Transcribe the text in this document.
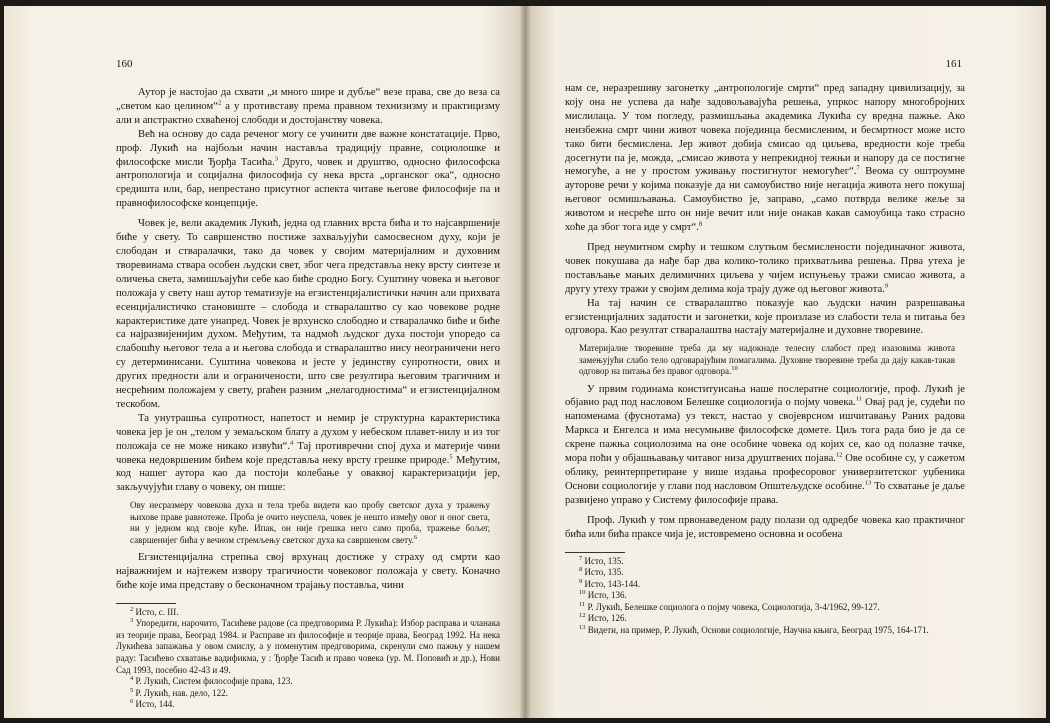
160

Аутор је настојао да схвати „и много шире и дубље“ везе права, све до веза са „светом као целином“$^2$ а у противставу према правном технизизму и практицизму али и апстрактно схваћеној слободи и достојанству човека.

Већ на основу до сада реченог могу се учинити две важне констатације. Прво, проф. Лукић на најбољи начин наставља традицију правне, социолошке и философске мисли Ђорђа Тасића.$^3$ Друго, човек и друштво, односно философска антропологија и социјална философија су нека врста „органског ока“, односно средишта или, бар, непрестано присутног аспекта читаве његове философије па и правнофилософске концепције.

Човек је, вели академик Лукић, једна од главних врста бића и то најсавршеније биће у свету. То савршенство постиже захваљујући самосвесном духу, који је слободан и стваралачки, тако да човек у својим материјалним и духовним творевинама ствара особен људски свет, због чега представља неку врсту синтезе и оличења света, замишљајући себе као биће сродно Богу. Суштину човека и његовог положаја у свету наш аутор тематизује на егзистенцијалистички начин али прихвата есенцијалистичко становиште – слобода и стваралаштво су као човекове родне карактеристике дате унапред. Човек је врхунско слободно и стваралачко биће и биће са најразвијенијим духом. Међутим, та надмоћ људског духа постоји упоредо са слабошћу његовог тела а и његова слобода и стваралаштво нису неограничени него су детерминисани. Суштина човекова и јесте у јединству супротности, ових и других предности али и ограничености, што све резултира његовим трагичним и несрећним положајем у свету, praћен разним „нелагодностима“ и егзистенцијалном тескобом.

Та унутрашња супротност, напетост и немир је структурна карактеристика човека јер је он „телом у земаљском блату а духом у небеском плавет-нилу и из тог положаја се не може никако извући“.$^4$ Тај противречни спој духа и материје чини човека недовршеним бићем које представља неку врсту грешке природе.$^5$ Међутим, код нашег аутора као да постоји колебање у оваквој карактеризацији јер, закључујући главу о човеку, он пише:

Ову несразмеру човекова духа и тела треба видети као пробу светског духа у тражењу њихове праве равнотеже. Проба је очито неуспела, човек је нешто између овог и оног света, ни у једном код своје куће. Ипак, он није грешка него само проба, тражење бољег, савршенијег бића у вечном стремљењу светског духа ка савршеном свету.$^6$

Егзистенцијална стрепња свој врхунац достиже у страху од смрти као најважнијем и најтежем извору трагичности човековог положаја у свету. Коначно биће које има представу о бесконачном трајању постављa, чини

$^2$ Исто, с. III.

$^3$ Упоредити, нарочито, Тасићеве радове (са предговорима Р. Лукића): Избор расправа и чланака из теорије права, Београд 1984. и Расправе из философије и теорије права, Београд 1992. На нека Лукићева запажања у овом смислу, а у поменутим предговорима, скренули смо пажњу у нашем раду: Тасићево схватање вадификма, у : Ђорђе Тасић и право човека (ур. М. Поповић и др.), Нови Сад 1993, посебно 42-43 и 49.

$^4$ Р. Лукић, Систем философије права, 123.

$^5$ Р. Лукић, нав. дело, 122.

$^6$ Исто, 144.

161

нам се, неразрешиву загонетку „антропологије смрти“ пред западну цивилизацију, за коју она не успева да нађе задовољавајућа решења, упркос напору многобројних мислилаца. У том погледу, размишљања академика Лукића су вредна пажње. Ако неизбежна смрт чини живот човека појединца бесмисленим, и бесмртност може исто тако бити бесмислена. Јер живот добија смисао од циљева, вредности које треба досегнути па је, можда, „смисао живота у непрекидној тежњи и напору да се постигне немогуће, а не у простом уживању постигнутог немогућег“.$^7$ Веома су оштроумне ауторове речи у којима показује да ни самоубиство није негација живота него покушај његовог осмишљавања. Самоубиство је, заправо, „само потврда велике жеље за животом и несреће што он није вечит или није онакав какав самоубица тако страсно хоће да због тога иде у смрт“.$^8$

Пред неумитном смрћу и тешком слутњом бесмислености појединачног живота, човек покушава да нађе бар два колико-толико прихватљива решења. Прва утеха је постављање мањих делимичних циљева у чијем испуњењу тражи смисао живота, а другу утеху тражи у својим делима која трају дуже од његовог живота.$^9$

На тај начин се стваралаштво показује као људски начин разрешавања егзистенцијалних задатости и загонетки, које произлазе из слабости тела и питања без одговора. Као резултат стваралаштва настају материјалне и духовне творевине.

Материјалне творевине треба да му надокнаде телесну слабост пред изазовима живота замењујући слабо тело одговарајућим помагалима. Духовне творевине треба да дају какав-такав одговор на питања без правог одговора.$^{10}$

У првим годинама конституисања наше послератне социологије, проф. Лукић је објавио рад под насловом Белешке социологија о појму човека.$^{11}$ Овај рад је, судећи по напоменама (фуснотама) уз текст, настао у својеврсном ишчитавању Раних радова Маркса и Енгелса и има несумњиве философске домете. Циљ тога рада био је да се скрене пажња социолозима на оне особине човека од којих се, као од полазне тачке, мора поћи у објашњавању читавог низа друштвених појава.$^{12}$ Ове особине су, у сажетом облику, реинтерпретиране у више издања професоровог универзитетског уџбеника Основи социологије у глави под насловом Општељудске особине.$^{13}$ То схватање је даље развијено управо у Систему философије права.

Проф. Лукић у том првонаведеном раду полази од одредбе човека као практичног бића или бића праксе чија је, истовремено основна и особена

$^7$ Исто, 135.

$^8$ Исто, 135.

$^9$ Исто, 143-144.

$^{10}$ Исто, 136.

$^{11}$ Р. Лукић, Белешке социолога о појму човека, Социологија, 3-4/1962, 99-127.

$^{12}$ Исто, 126.

$^{13}$ Видети, на пример, Р. Лукић, Основи социологије, Научна књига, Београд 1975, 164-171.
